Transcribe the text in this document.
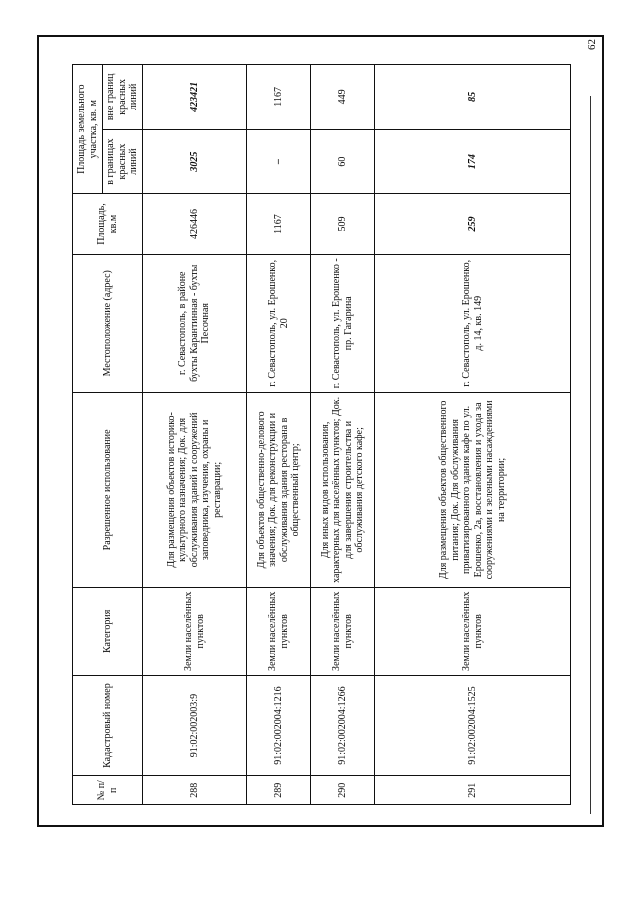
62
№ п/п	Кадастровый номер	Категория	Разрешенное использование	Местоположение (адрес)	Площадь, кв.м	Площадь земельного участка, кв. м	
						в границах красных линий	вне границ красных линий
288	91:02:002003:9	Земли населённых пунктов	Для размещения объектов историко-культурного назначения; Док. для обслуживания зданий и сооружений заповедника, изучения, охраны и реставрации;	г. Севастополь, в районе бухты Карантинная - бухты Песочная	426446	3025	423421
289	91:02:002004:1216	Земли населённых пунктов	Для объектов общественно-делового значения; Док. для реконструкции и обслуживания здания ресторана в общественный центр;	г. Севастополь, ул. Ерошенко, 20	1167	–	1167
290	91:02:002004:1266	Земли населённых пунктов	Для иных видов использования, характерных для населённых пунктов; Док. для завершения строительства и обслуживания детского кафе;	г. Севастополь, ул. Ерошенко - пр. Гагарина	509	60	449
291	91:02:002004:1525	Земли населённых пунктов	Для размещения объектов общественного питания; Док. Для обслуживания приватизированного здания кафе по ул. Ерошенко, 2а, восстановления и ухода за сооружениями и зелеными насаждениями на территории;	г. Севастополь, ул. Ерошенко, д. 14, кв. 149	259	174	85
